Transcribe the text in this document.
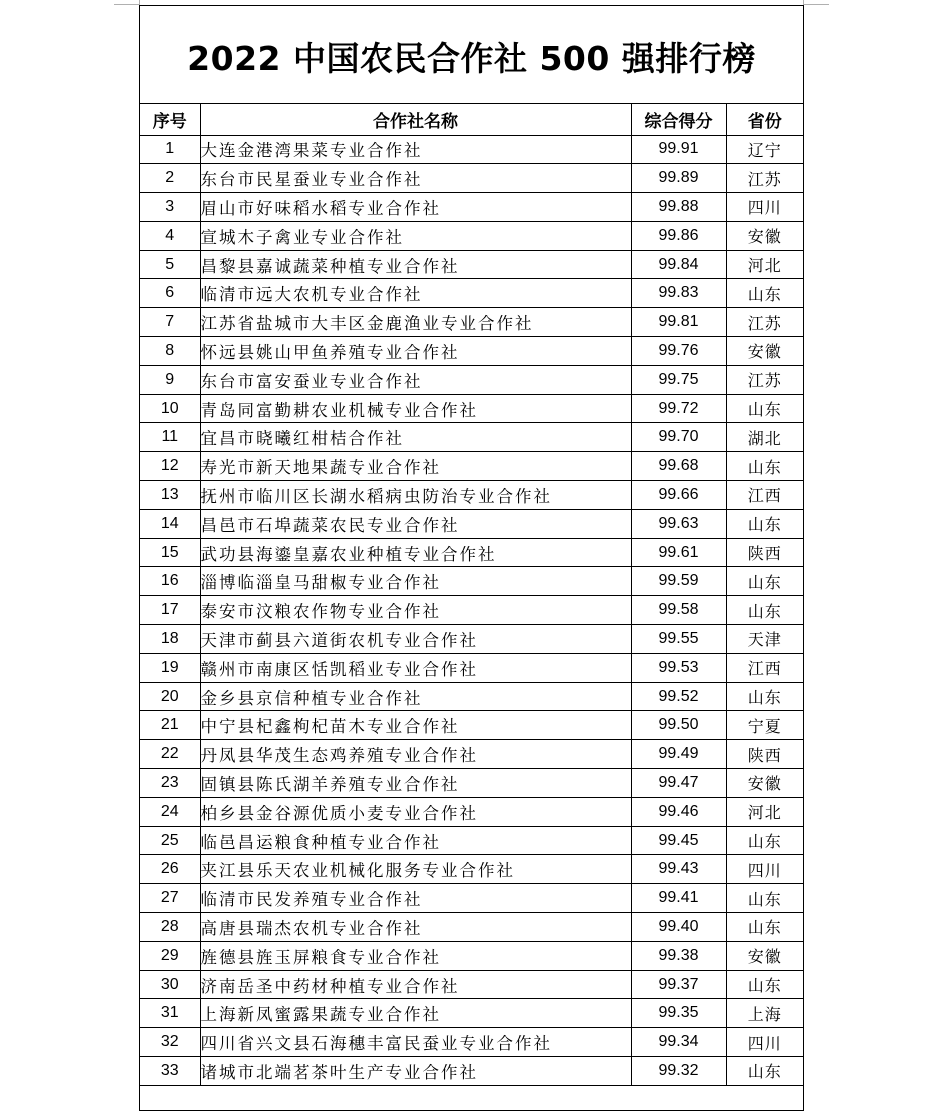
2022 中国农民合作社 500 强排行榜
序号	合作社名称	综合得分	省份
1	大连金港湾果菜专业合作社	99.91	辽宁
2	东台市民星蚕业专业合作社	99.89	江苏
3	眉山市好味稻水稻专业合作社	99.88	四川
4	宣城木子禽业专业合作社	99.86	安徽
5	昌黎县嘉诚蔬菜种植专业合作社	99.84	河北
6	临清市远大农机专业合作社	99.83	山东
7	江苏省盐城市大丰区金鹿渔业专业合作社	99.81	江苏
8	怀远县姚山甲鱼养殖专业合作社	99.76	安徽
9	东台市富安蚕业专业合作社	99.75	江苏
10	青岛同富勤耕农业机械专业合作社	99.72	山东
11	宜昌市晓曦红柑桔合作社	99.70	湖北
12	寿光市新天地果蔬专业合作社	99.68	山东
13	抚州市临川区长湖水稻病虫防治专业合作社	99.66	江西
14	昌邑市石埠蔬菜农民专业合作社	99.63	山东
15	武功县海鎏皇嘉农业种植专业合作社	99.61	陕西
16	淄博临淄皇马甜椒专业合作社	99.59	山东
17	泰安市汶粮农作物专业合作社	99.58	山东
18	天津市蓟县六道街农机专业合作社	99.55	天津
19	赣州市南康区恬凯稻业专业合作社	99.53	江西
20	金乡县京信种植专业合作社	99.52	山东
21	中宁县杞鑫枸杞苗木专业合作社	99.50	宁夏
22	丹凤县华茂生态鸡养殖专业合作社	99.49	陕西
23	固镇县陈氏湖羊养殖专业合作社	99.47	安徽
24	柏乡县金谷源优质小麦专业合作社	99.46	河北
25	临邑昌运粮食种植专业合作社	99.45	山东
26	夹江县乐天农业机械化服务专业合作社	99.43	四川
27	临清市民发养殖专业合作社	99.41	山东
28	高唐县瑞杰农机专业合作社	99.40	山东
29	旌德县旌玉屏粮食专业合作社	99.38	安徽
30	济南岳圣中药材种植专业合作社	99.37	山东
31	上海新凤蜜露果蔬专业合作社	99.35	上海
32	四川省兴文县石海穗丰富民蚕业专业合作社	99.34	四川
33	诸城市北端茗茶叶生产专业合作社	99.32	山东
